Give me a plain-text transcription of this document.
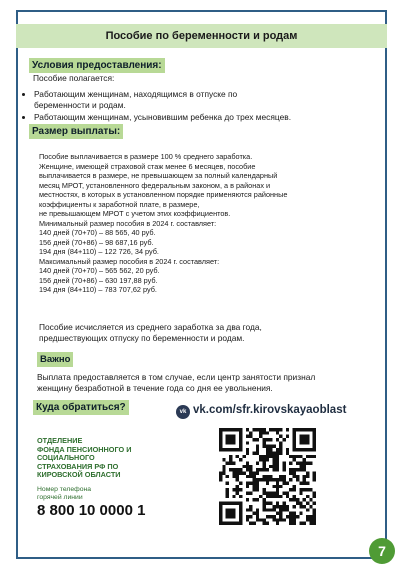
Пособие по беременности и родам
Условия предоставления:
Пособие полагается:
• Работающим женщинам, находящимся в отпуске по
беременности и родам.
• Работающим женщинам, усыновившим ребенка до трех месяцев.
Размер выплаты:
Пособие выплачивается в размере 100 % среднего заработка.
Женщине, имеющей страховой стаж менее 6 месяцев, пособие
выплачивается в размере, не превышающем за полный календарный
месяц МРОТ, установленного федеральным законом, а в районах и
местностях, в которых в установленном порядке применяются районные
коэффициенты к заработной плате, в размере,
не превышающем МРОТ с учетом этих коэффициентов.
Минимальный размер пособия в 2024 г. составляет:
140 дней (70+70) – 88 565, 40 руб.
156 дней (70+86) – 98 687,16 руб.
194 дня (84+110) – 122 726, 34 руб.
Максимальный размер пособия в 2024 г. составляет:
140 дней (70+70) – 565 562, 20 руб.
156 дней (70+86) – 630 197,88 руб.
194 дня (84+110) – 783 707,62 руб.
Пособие исчисляется из среднего заработка за два года,
предшествующих отпуску по беременности и родам.
Важно
Выплата предоставляется в том случае, если центр занятости признал
женщину безработной в течение года со дня ее увольнения.
Куда обратиться?	vk vk.com/sfr.kirovskayaoblast
ОТДЕЛЕНИЕ
ФОНДА ПЕНСИОННОГО И
СОЦИАЛЬНОГО
СТРАХОВАНИЯ РФ ПО
КИРОВСКОЙ ОБЛАСТИ
Номер телефона
горячей линии
8 800 10 0000 1
7
